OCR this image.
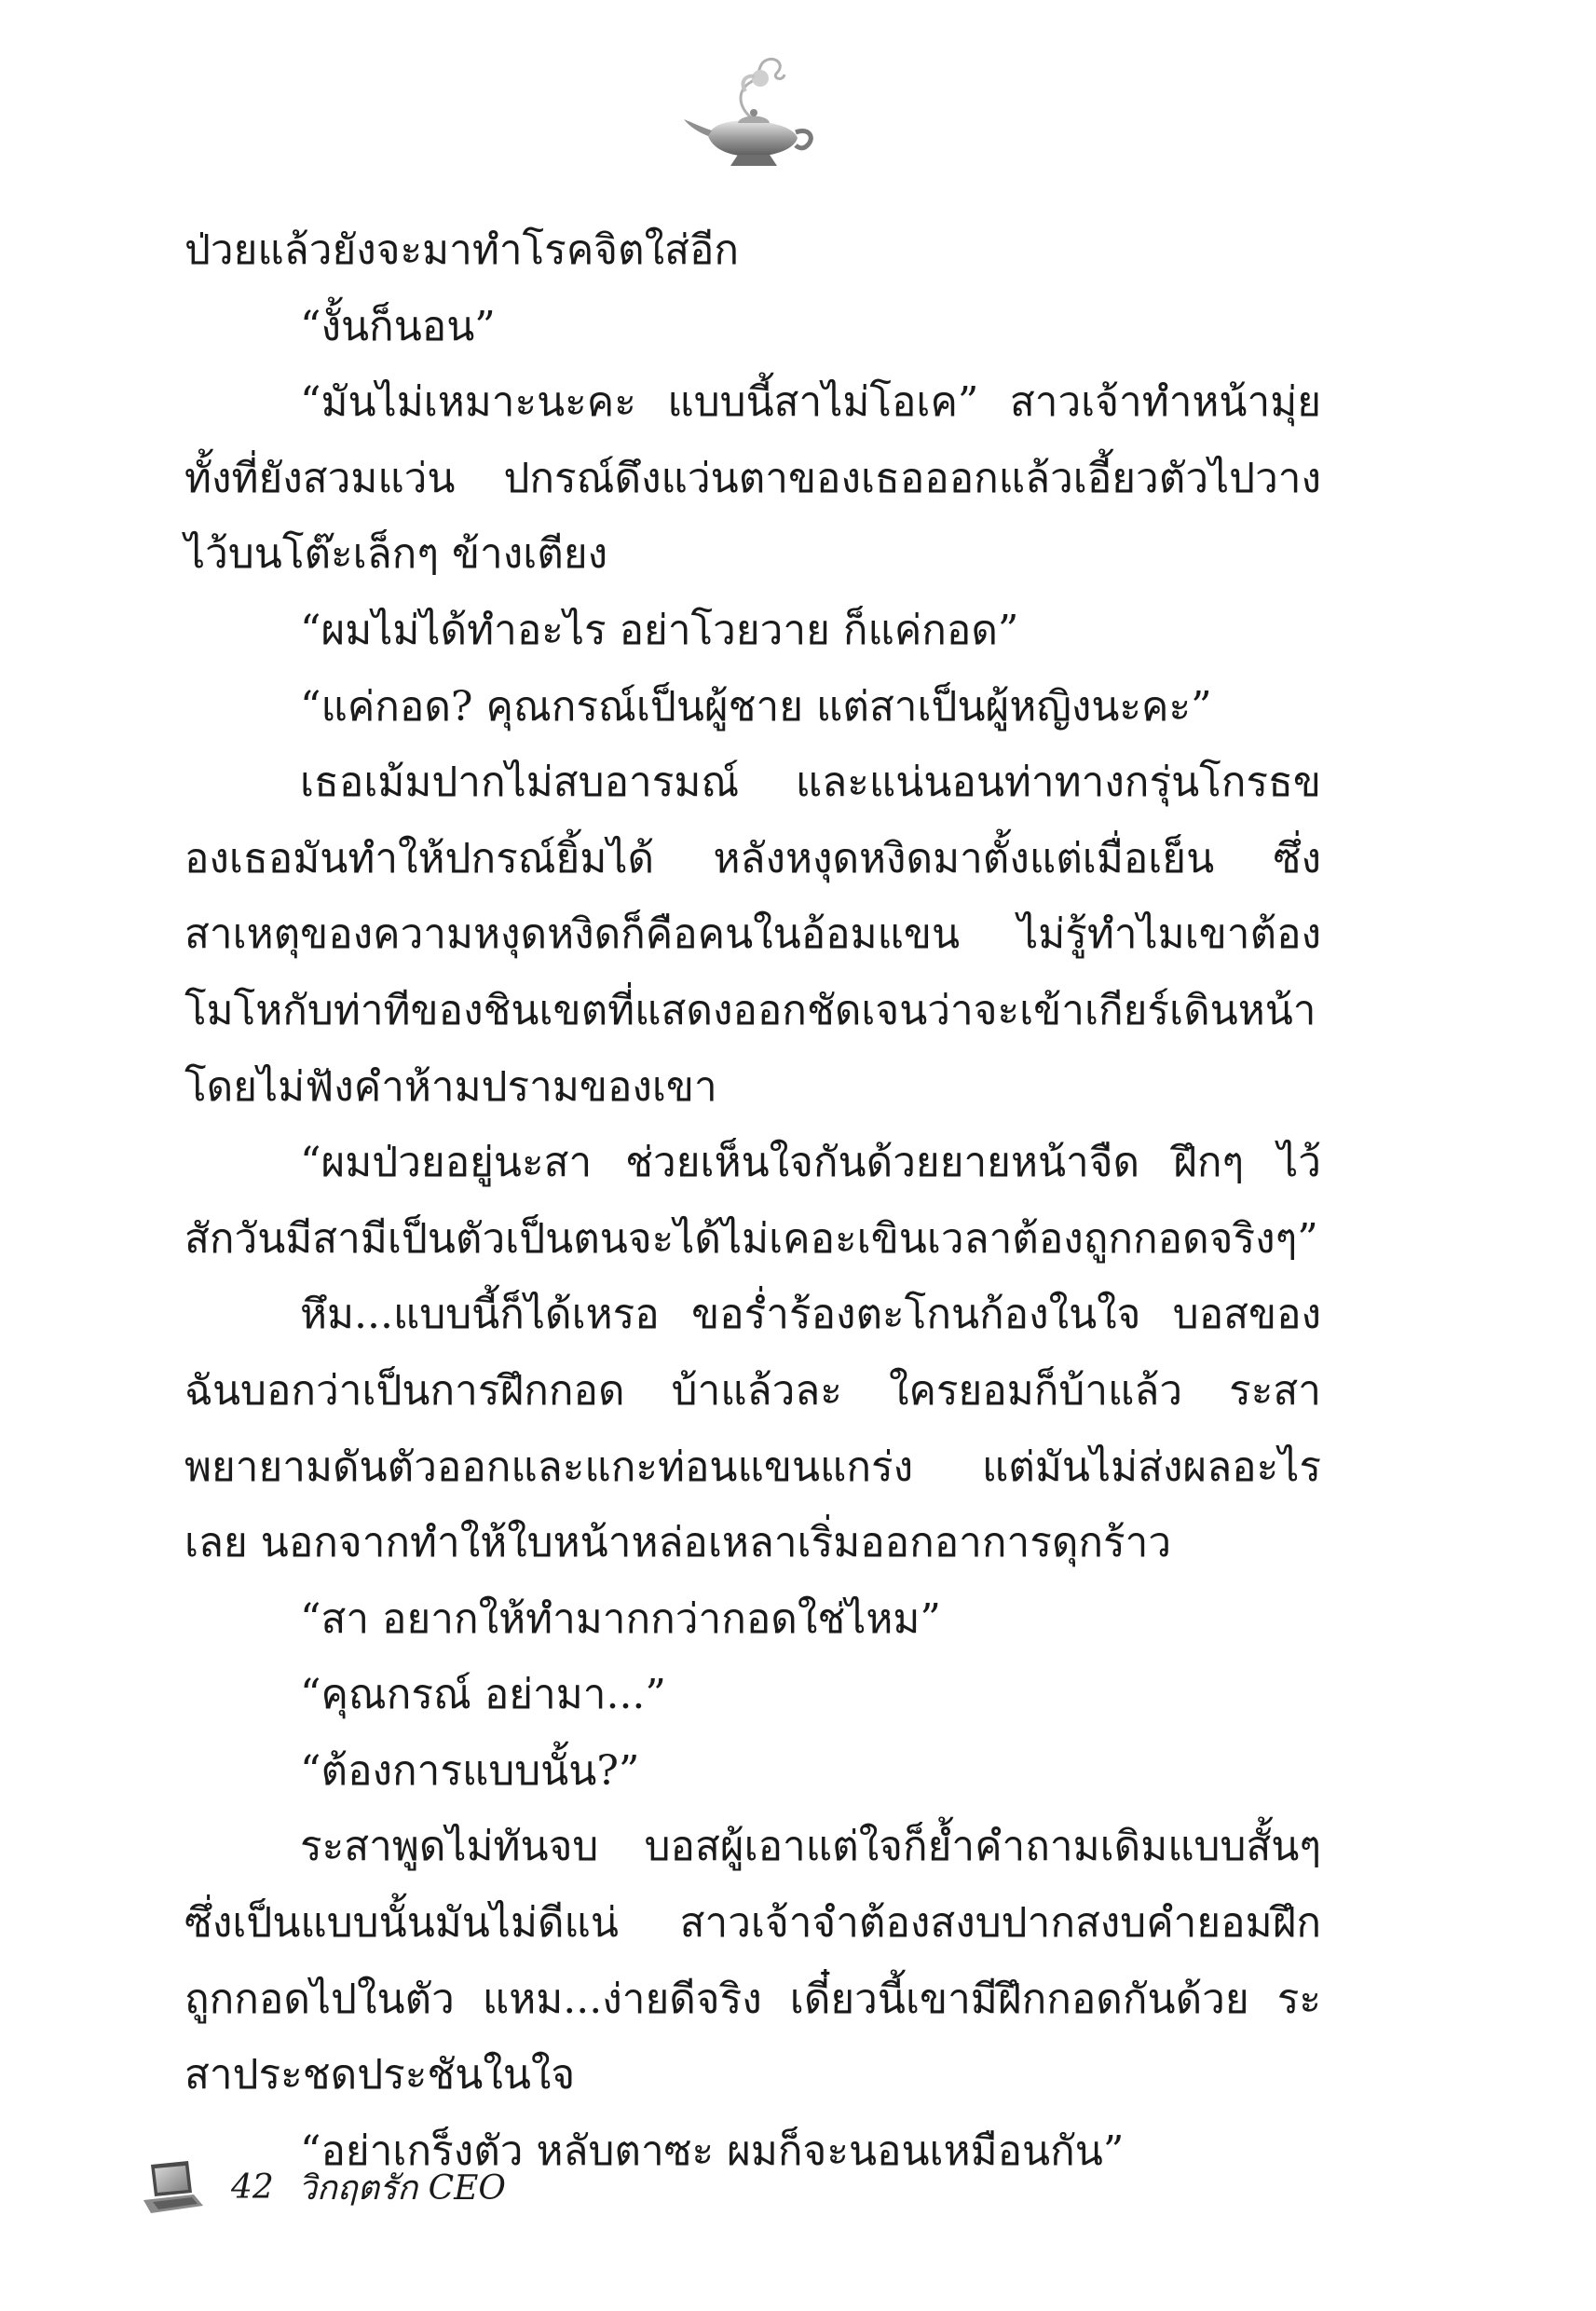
ป่วยแล้วยังจะมาทำโรคจิตใส่อีก

“งั้นก็นอน”

“มันไม่เหมาะนะคะ แบบนี้สาไม่โอเค” สาวเจ้าทำหน้ามุ่ย ทั้งที่ยังสวมแว่น ปกรณ์ดึงแว่นตาของเธอออกแล้วเอี้ยวตัวไปวางไว้บนโต๊ะเล็กๆ ข้างเตียง

“ผมไม่ได้ทำอะไร อย่าโวยวาย ก็แค่กอด”

“แค่กอด? คุณกรณ์เป็นผู้ชาย แต่สาเป็นผู้หญิงนะคะ”

เธอเม้มปากไม่สบอารมณ์ และแน่นอนท่าทางกรุ่นโกรธของเธอมันทำให้ปกรณ์ยิ้มได้ หลังหงุดหงิดมาตั้งแต่เมื่อเย็น ซึ่งสาเหตุของความหงุดหงิดก็คือคนในอ้อมแขน ไม่รู้ทำไมเขาต้องโมโหกับท่าทีของชินเขตที่แสดงออกชัดเจนว่าจะเข้าเกียร์เดินหน้าโดยไม่ฟังคำห้ามปรามของเขา

“ผมป่วยอยู่นะสา ช่วยเห็นใจกันด้วยยายหน้าจืด ฝึกๆ ไว้ สักวันมีสามีเป็นตัวเป็นตนจะได้ไม่เคอะเขินเวลาต้องถูกกอดจริงๆ”

หึม...แบบนี้ก็ได้เหรอ ขอร่ำร้องตะโกนก้องในใจ บอสของฉันบอกว่าเป็นการฝึกกอด บ้าแล้วละ ใครยอมก็บ้าแล้ว ระสาพยายามดันตัวออกและแกะท่อนแขนแกร่ง แต่มันไม่ส่งผลอะไรเลย นอกจากทำให้ใบหน้าหล่อเหลาเริ่มออกอาการดุกร้าว

“สา อยากให้ทำมากกว่ากอดใช่ไหม”

“คุณกรณ์ อย่ามา...”

“ต้องการแบบนั้น?”

ระสาพูดไม่ทันจบ บอสผู้เอาแต่ใจก็ย้ำคำถามเดิมแบบสั้นๆ ซึ่งเป็นแบบนั้นมันไม่ดีแน่ สาวเจ้าจำต้องสงบปากสงบคำยอมฝึกถูกกอดไปในตัว แหม...ง่ายดีจริง เดี๋ยวนี้เขามีฝึกกอดกันด้วย ระสาประชดประชันในใจ

“อย่าเกร็งตัว หลับตาซะ ผมก็จะนอนเหมือนกัน”

42 วิกฤตรัก CEO
